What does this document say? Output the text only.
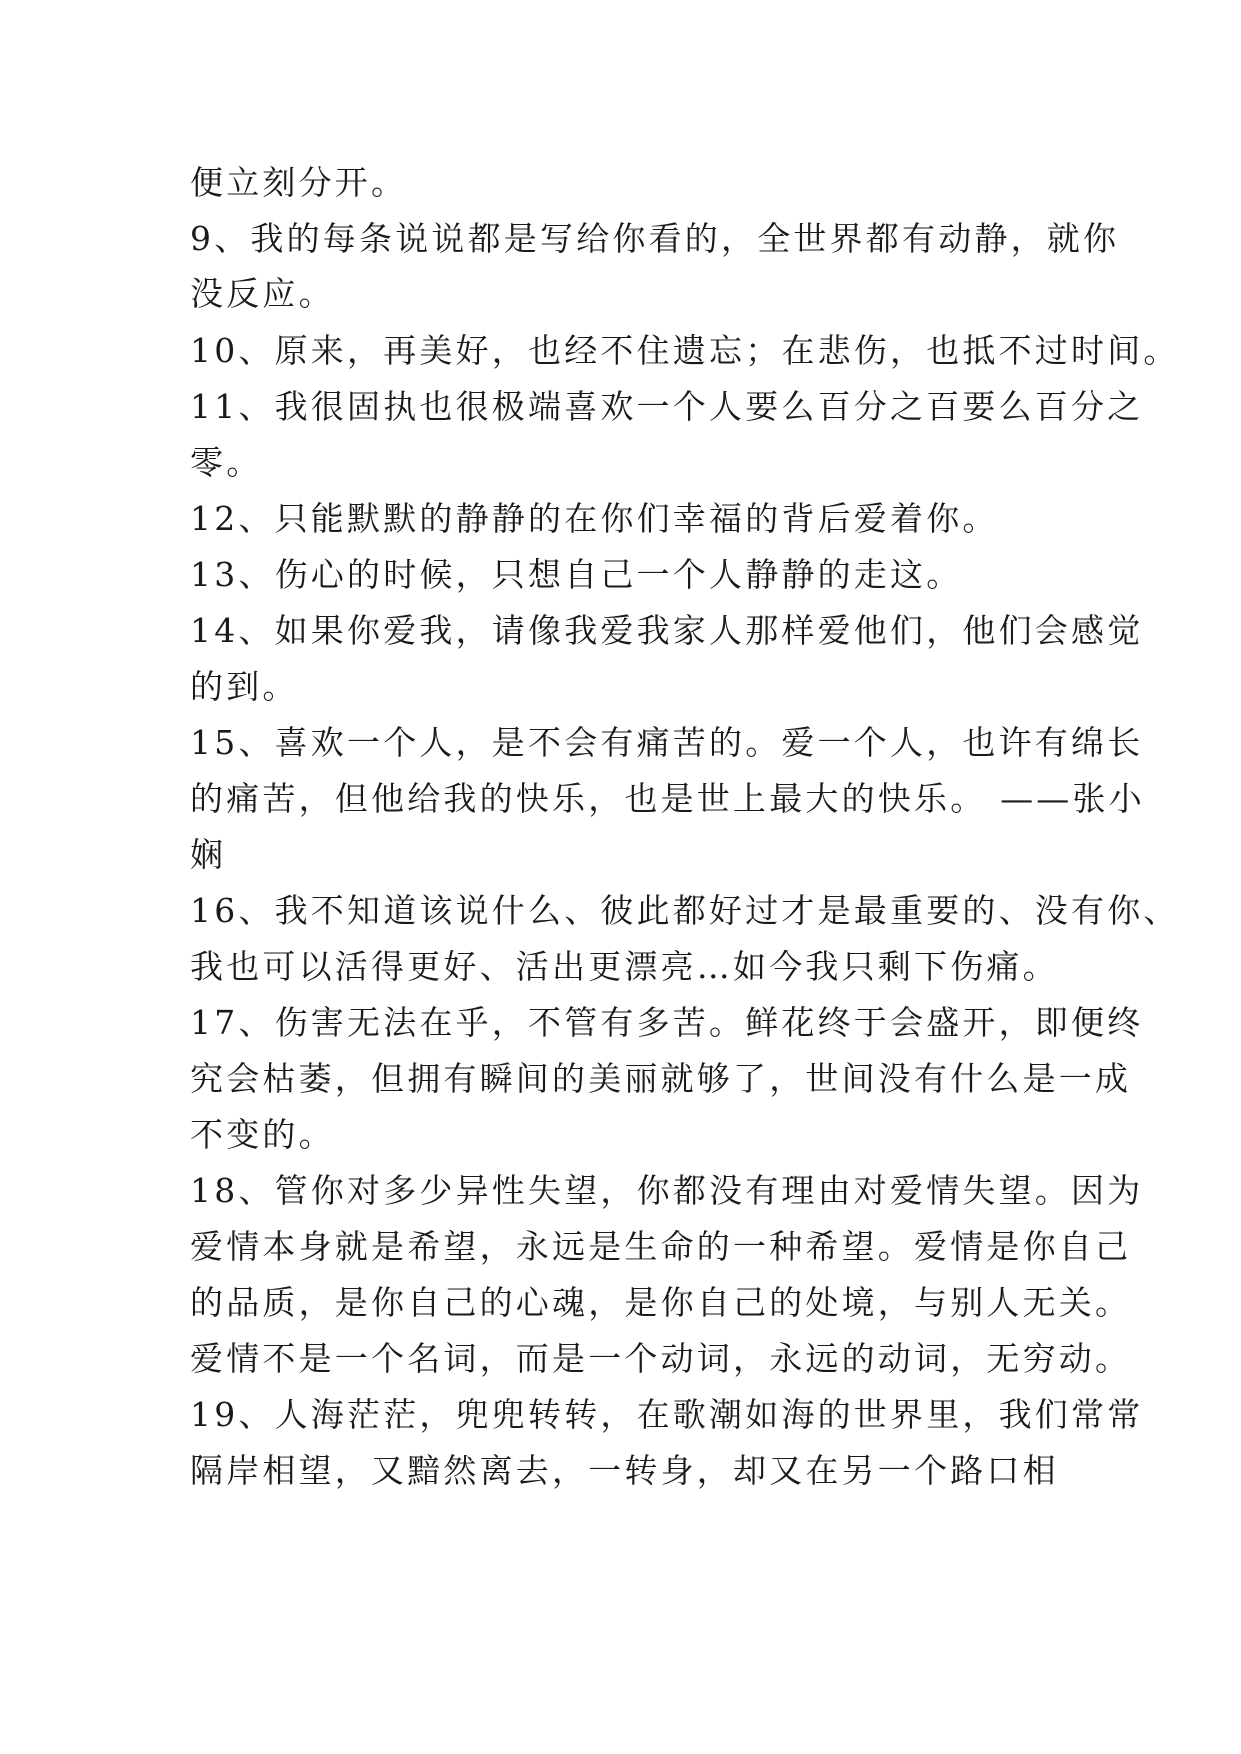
便立刻分开。
9、我的每条说说都是写给你看的，全世界都有动静，就你
没反应。
10、原来，再美好，也经不住遗忘；在悲伤，也抵不过时间。
11、我很固执也很极端喜欢一个人要么百分之百要么百分之
零。
12、只能默默的静静的在你们幸福的背后爱着你。
13、伤心的时候，只想自己一个人静静的走这。
14、如果你爱我，请像我爱我家人那样爱他们，他们会感觉
的到。
15、喜欢一个人，是不会有痛苦的。爱一个人，也许有绵长
的痛苦，但他给我的快乐，也是世上最大的快乐。 ——张小
娴
16、我不知道该说什么、彼此都好过才是最重要的、没有你、
我也可以活得更好、活出更漂亮…如今我只剩下伤痛。
17、伤害无法在乎，不管有多苦。鲜花终于会盛开，即便终
究会枯萎，但拥有瞬间的美丽就够了，世间没有什么是一成
不变的。
18、管你对多少异性失望，你都没有理由对爱情失望。因为
爱情本身就是希望，永远是生命的一种希望。爱情是你自己
的品质，是你自己的心魂，是你自己的处境，与别人无关。
爱情不是一个名词，而是一个动词，永远的动词，无穷动。
19、人海茫茫，兜兜转转，在歌潮如海的世界里，我们常常
隔岸相望，又黯然离去，一转身，却又在另一个路口相
